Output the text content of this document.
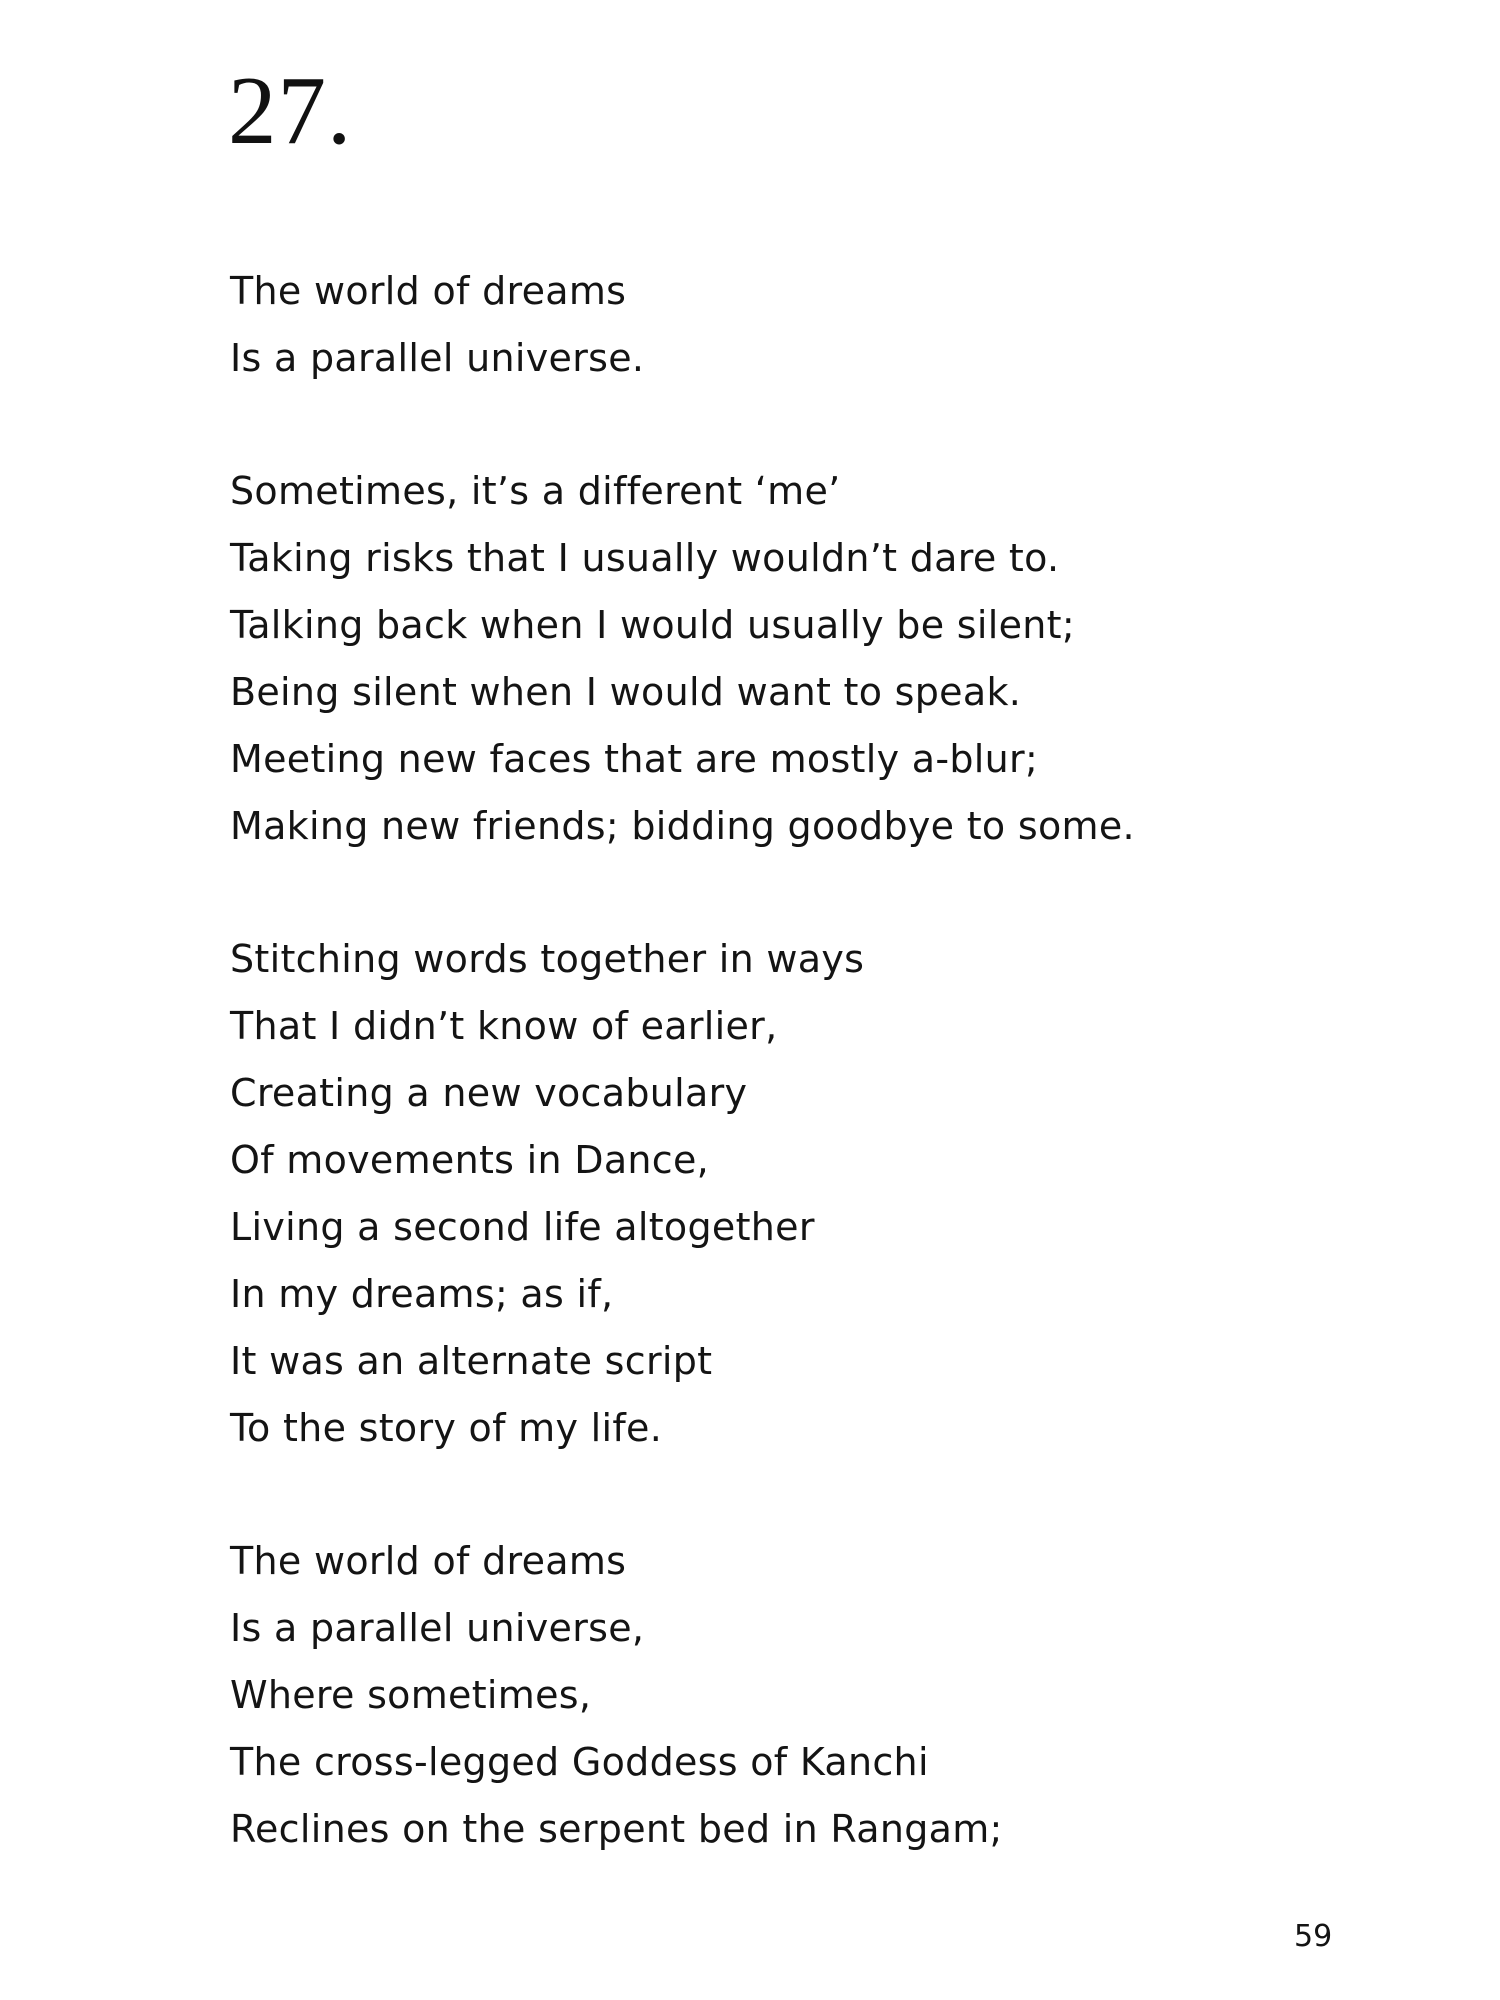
27.
The world of dreams
Is a parallel universe.
Sometimes, it’s a different ‘me’
Taking risks that I usually wouldn’t dare to.
Talking back when I would usually be silent;
Being silent when I would want to speak.
Meeting new faces that are mostly a-blur;
Making new friends; bidding goodbye to some.
Stitching words together in ways
That I didn’t know of earlier,
Creating a new vocabulary
Of movements in Dance,
Living a second life altogether
In my dreams; as if,
It was an alternate script
To the story of my life.
The world of dreams
Is a parallel universe,
Where sometimes,
The cross-legged Goddess of Kanchi
Reclines on the serpent bed in Rangam;
59
